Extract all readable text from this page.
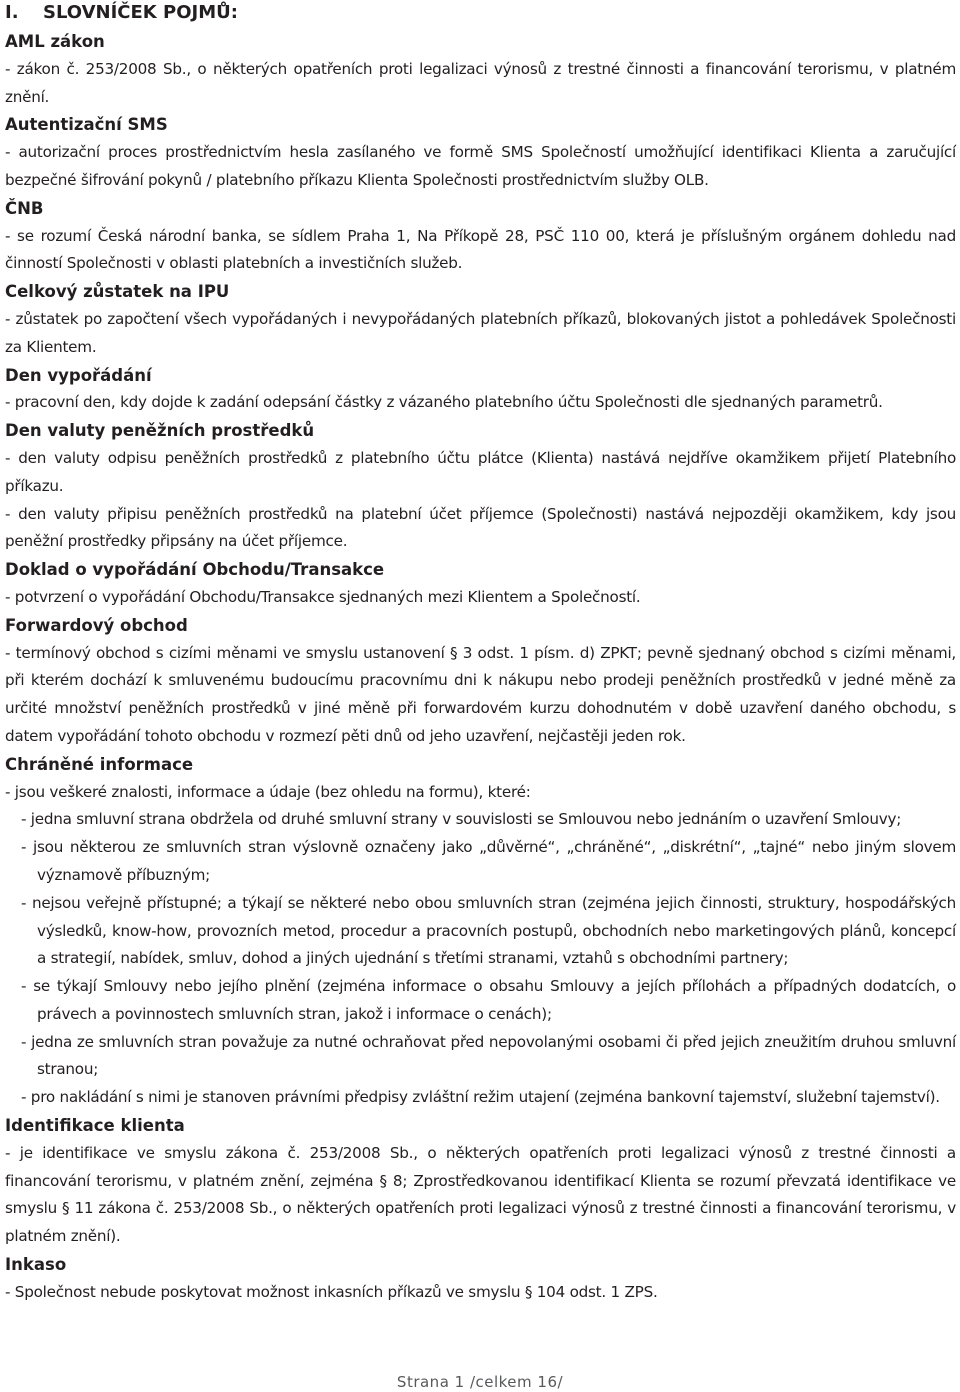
I. SLOVNÍČEK POJMŮ:
AML zákon
- zákon č. 253/2008 Sb., o některých opatřeních proti legalizaci výnosů z trestné činnosti a financování terorismu, v platném znění.
Autentizační SMS
- autorizační proces prostřednictvím hesla zasílaného ve formě SMS Společností umožňující identifikaci Klienta a zaručující bezpečné šifrování pokynů / platebního příkazu Klienta Společnosti prostřednictvím služby OLB.
ČNB
- se rozumí Česká národní banka, se sídlem Praha 1, Na Příkopě 28, PSČ 110 00, která je příslušným orgánem dohledu nad činností Společnosti v oblasti platebních a investičních služeb.
Celkový zůstatek na IPU
- zůstatek po započtení všech vypořádaných i nevypořádaných platebních příkazů, blokovaných jistot a pohledávek Společnosti za Klientem.
Den vypořádání
- pracovní den, kdy dojde k zadání odepsání částky z vázaného platebního účtu Společnosti dle sjednaných parametrů.
Den valuty peněžních prostředků
- den valuty odpisu peněžních prostředků z platebního účtu plátce (Klienta) nastává nejdříve okamžikem přijetí Platebního příkazu.
- den valuty připisu peněžních prostředků na platební účet příjemce (Společnosti) nastává nejpozději okamžikem, kdy jsou peněžní prostředky připsány na účet příjemce.
Doklad o vypořádání Obchodu/Transakce
- potvrzení o vypořádání Obchodu/Transakce sjednaných mezi Klientem a Společností.
Forwardový obchod
- termínový obchod s cizími měnami ve smyslu ustanovení § 3 odst. 1 písm. d) ZPKT; pevně sjednaný obchod s cizími měnami, při kterém dochází k smluvenému budoucímu pracovnímu dni k nákupu nebo prodeji peněžních prostředků v jedné měně za určité množství peněžních prostředků v jiné měně při forwardovém kurzu dohodnutém v době uzavření daného obchodu, s datem vypořádání tohoto obchodu v rozmezí pěti dnů od jeho uzavření, nejčastěji jeden rok.
Chráněné informace
- jsou veškeré znalosti, informace a údaje (bez ohledu na formu), které:
- jedna smluvní strana obdržela od druhé smluvní strany v souvislosti se Smlouvou nebo jednáním o uzavření Smlouvy;
- jsou některou ze smluvních stran výslovně označeny jako „důvěrné“, „chráněné“, „diskrétní“, „tajné“ nebo jiným slovem významově příbuzným;
- nejsou veřejně přístupné; a týkají se některé nebo obou smluvních stran (zejména jejich činnosti, struktury, hospodářských výsledků, know-how, provozních metod, procedur a pracovních postupů, obchodních nebo marketingových plánů, koncepcí a strategií, nabídek, smluv, dohod a jiných ujednání s třetími stranami, vztahů s obchodními partnery;
- se týkají Smlouvy nebo jejího plnění (zejména informace o obsahu Smlouvy a jejích přílohách a případných dodatcích, o právech a povinnostech smluvních stran, jakož i informace o cenách);
- jedna ze smluvních stran považuje za nutné ochraňovat před nepovolanými osobami či před jejich zneužitím druhou smluvní stranou;
- pro nakládání s nimi je stanoven právními předpisy zvláštní režim utajení (zejména bankovní tajemství, služební tajemství).
Identifikace klienta
- je identifikace ve smyslu zákona č. 253/2008 Sb., o některých opatřeních proti legalizaci výnosů z trestné činnosti a financování terorismu, v platném znění, zejména § 8; Zprostředkovanou identifikací Klienta se rozumí převzatá identifikace ve smyslu § 11 zákona č. 253/2008 Sb., o některých opatřeních proti legalizaci výnosů z trestné činnosti a financování terorismu, v platném znění).
Inkaso
- Společnost nebude poskytovat možnost inkasních příkazů ve smyslu § 104 odst. 1 ZPS.
Strana 1 /celkem 16/
